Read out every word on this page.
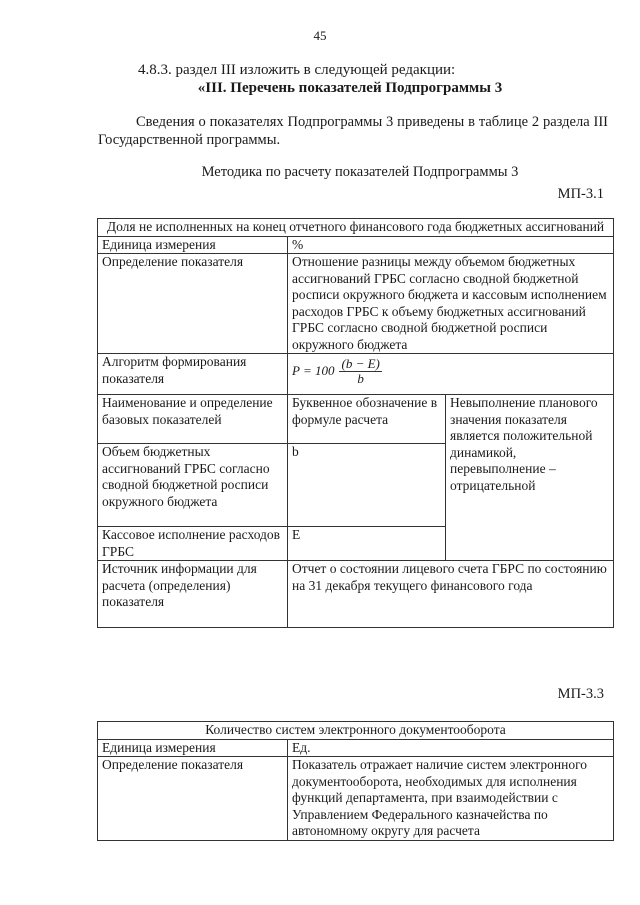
45
4.8.3. раздел III изложить в следующей редакции:
«III. Перечень показателей Подпрограммы 3
Сведения о показателях Подпрограммы 3 приведены в таблице 2 раздела III Государственной программы.
Методика по расчету показателей Подпрограммы 3
МП-3.1
Доля не исполненных на конец отчетного финансового года бюджетных ассигнований		
Единица измерения	%	
Определение показателя	Отношение разницы между объемом бюджетных ассигнований ГРБС согласно сводной бюджетной росписи окружного бюджета и кассовым исполнением расходов ГРБС к объему бюджетных ассигнований ГРБС согласно сводной бюджетной росписи окружного бюджета	
Алгоритм формирования показателя	$P = 100 \frac{(b - E)}{b}$

Наименование и определение базовых показателей	Буквенное обозначение в формуле расчета	Невыполнение планового значения показателя является положительной динамикой, перевыполнение – отрицательной
Объем бюджетных ассигнований ГРБС согласно сводной бюджетной росписи окружного бюджета	b	
Кассовое исполнение расходов ГРБС	E	
Источник информации для расчета (определения) показателя	Отчет о состоянии лицевого счета ГБРС по состоянию на 31 декабря текущего финансового года	
МП-3.3
Количество систем электронного документооборота	
Единица измерения	Ед.
Определение показателя	Показатель отражает наличие систем электронного документооборота, необходимых для исполнения функций департамента, при взаимодействии с Управлением Федерального казначейства по автономному округу для расчета
